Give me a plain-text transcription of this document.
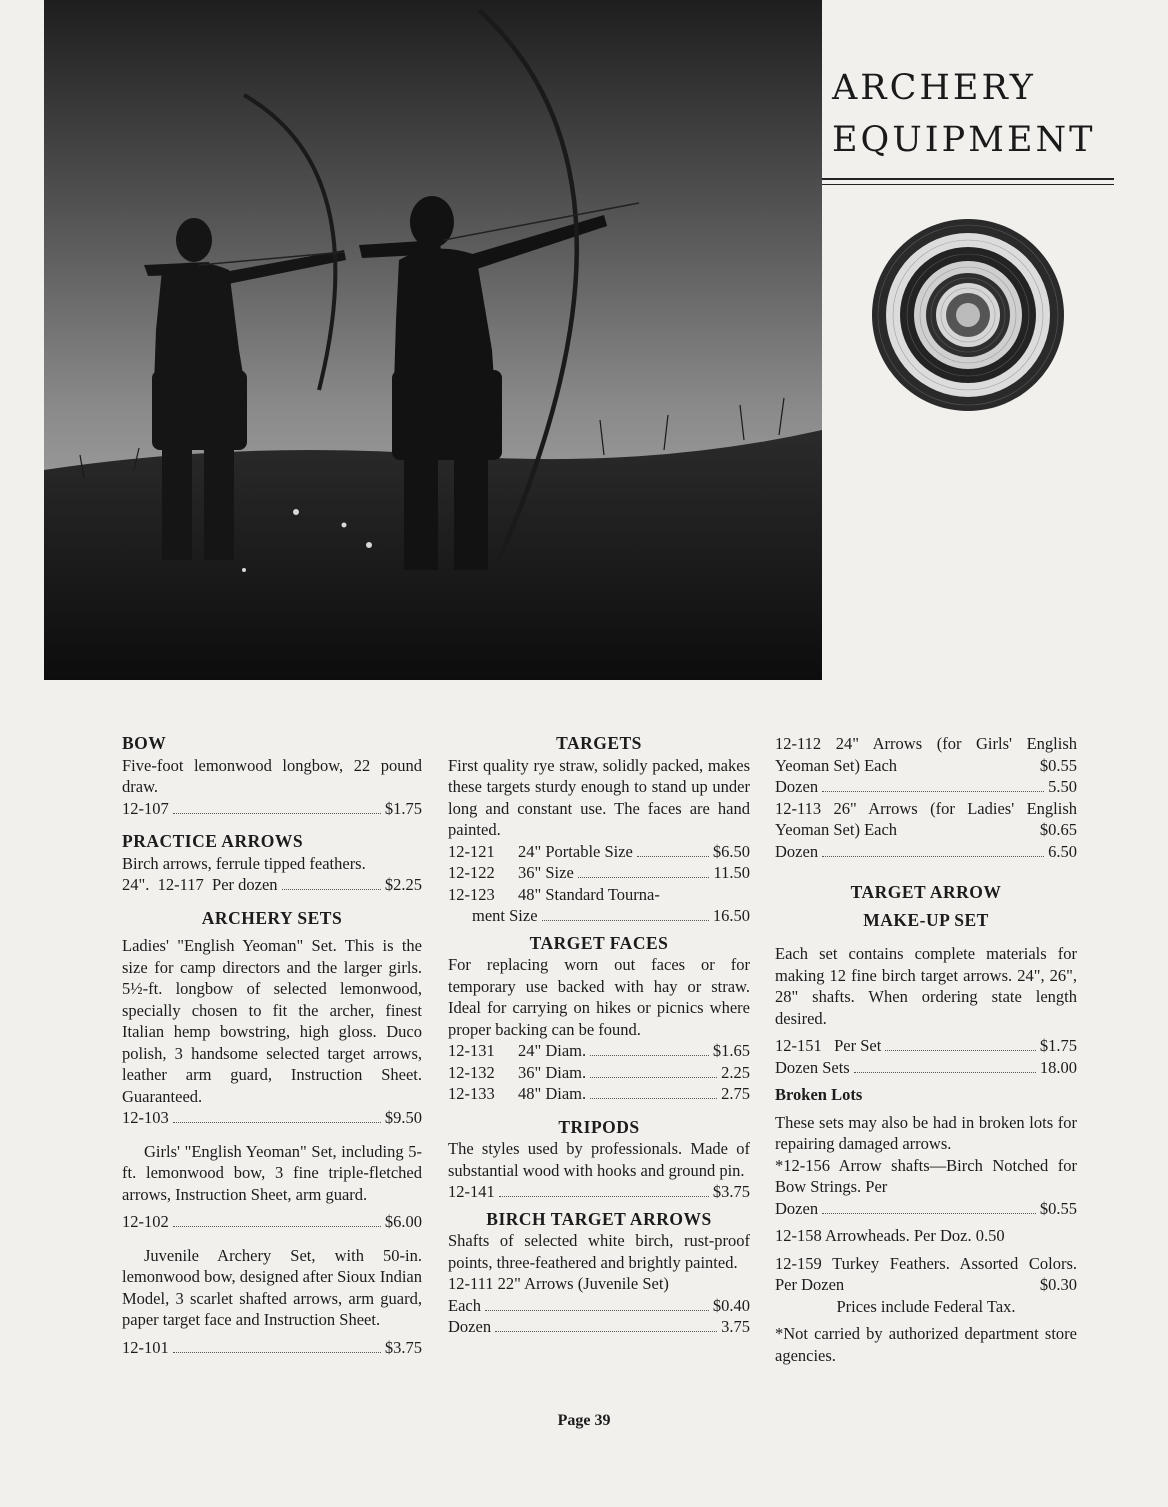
ARCHERY
EQUIPMENT
BOW

Five-foot lemonwood longbow, 22 pound draw.

12-107	$1.75
PRACTICE ARROWS

Birch arrows, ferrule tipped feathers.

24".
12-117
Per dozen	$2.25
ARCHERY SETS

Ladies' "English Yeoman" Set. This is the size for camp directors and the larger girls. 5½-ft. longbow of selected lemonwood, specially chosen to fit the archer, finest Italian hemp bowstring, high gloss. Duco polish, 3 handsome selected target arrows, leather arm guard, Instruction Sheet. Guaranteed.

12-103	$9.50

Girls' "English Yeoman" Set, including 5-ft. lemonwood bow, 3 fine triple-fletched arrows, Instruction Sheet, arm guard.

12-102	$6.00

Juvenile Archery Set, with 50-in. lemonwood bow, designed after Sioux Indian Model, 3 scarlet shafted arrows, arm guard, paper target face and Instruction Sheet.

12-101	$3.75
TARGETS

First quality rye straw, solidly packed, makes these targets sturdy enough to stand up under long and constant use. The faces are hand painted.

12-121	24" Portable Size	$6.50
12-122	36" Size	11.50
12-123	48" Standard Tourna-
ment Size	16.50
TARGET FACES

For replacing worn out faces or for temporary use backed with hay or straw. Ideal for carrying on hikes or picnics where proper backing can be found.

12-131	24" Diam.	$1.65
12-132	36" Diam.	2.25
12-133	48" Diam.	2.75
TRIPODS

The styles used by professionals. Made of substantial wood with hooks and ground pin.

12-141	$3.75
BIRCH TARGET ARROWS

Shafts of selected white birch, rust-proof points, three-feathered and brightly painted.

12-111 22" Arrows (Juvenile Set)
Each	$0.40
Dozen	3.75
12-112 24" Arrows (for Girls' English Yeoman Set) Each	$0.55
Dozen	5.50
12-113 26" Arrows (for Ladies' English Yeoman Set) Each	$0.65
Dozen	6.50
TARGET ARROW
MAKE-UP SET

Each set contains complete materials for making 12 fine birch target arrows. 24", 26", 28" shafts. When ordering state length desired.

12-151
Per Set	$1.75
Dozen Sets	18.00
Broken Lots

These sets may also be had in broken lots for repairing damaged arrows.

*12-156 Arrow shafts—Birch Notched for Bow Strings. Per

Dozen	$0.55
12-158 Arrowheads. Per Doz. 0.50
12-159 Turkey Feathers. Assorted Colors. Per Dozen	$0.30
Prices include Federal Tax.

*Not carried by authorized department store agencies.

Page 39
